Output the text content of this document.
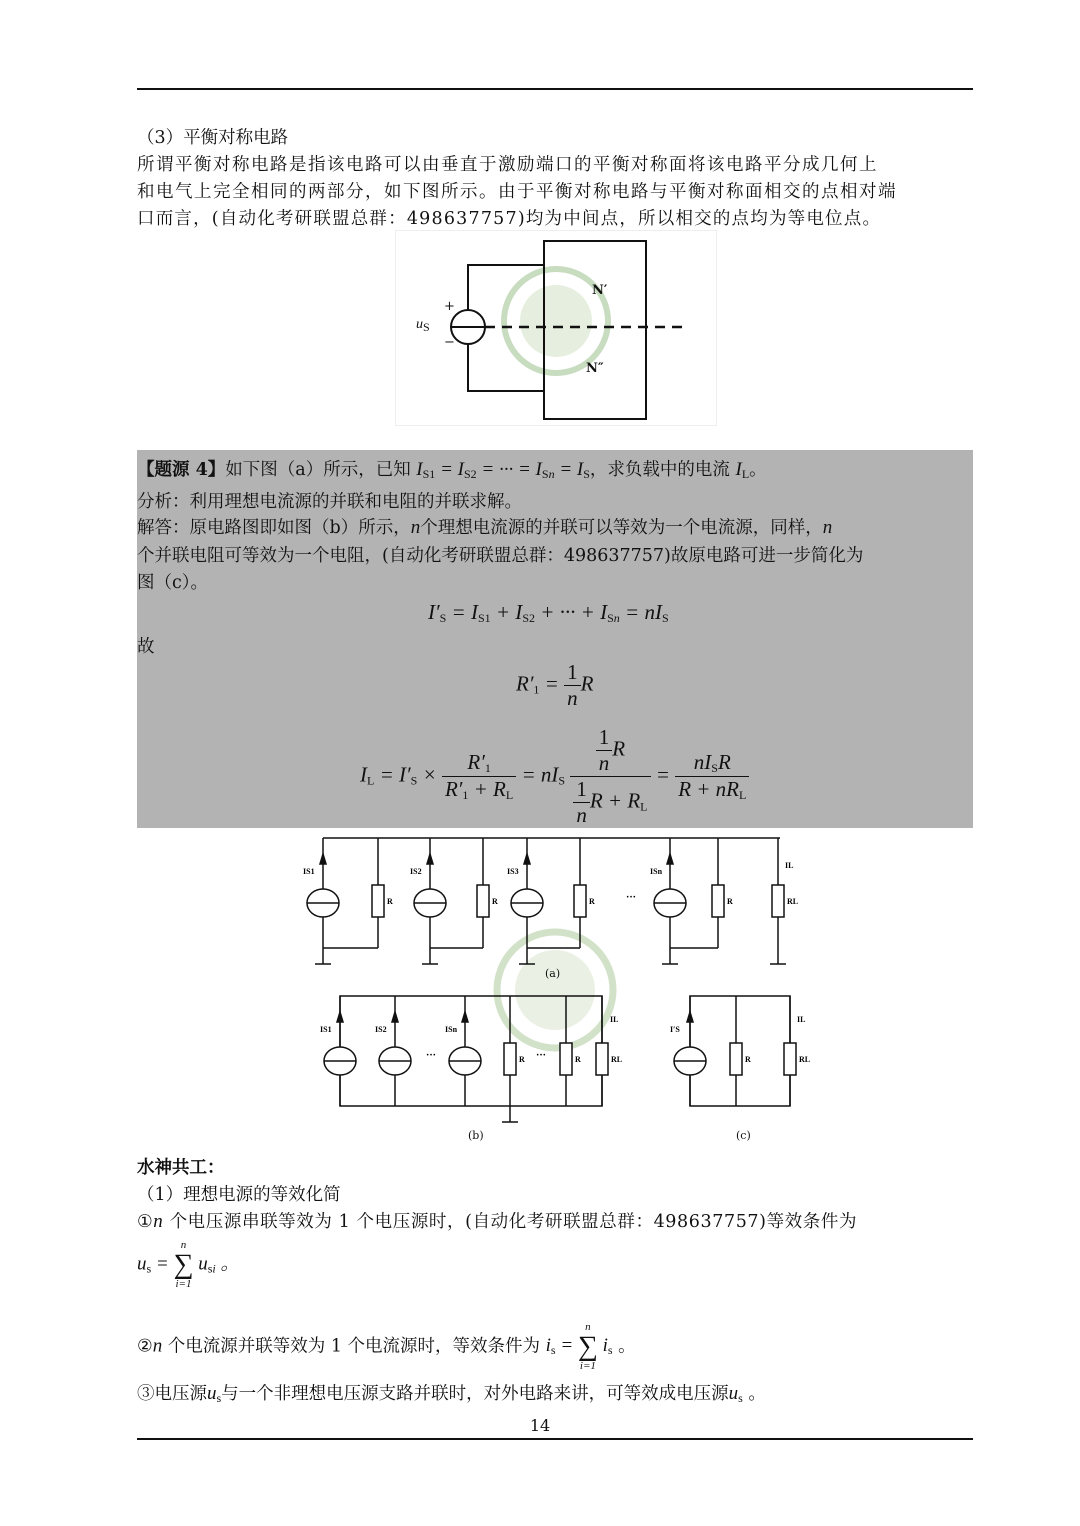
（3）平衡对称电路
所谓平衡对称电路是指该电路可以由垂直于激励端口的平衡对称面将该电路平分成几何上
和电气上完全相同的两部分，如下图所示。由于平衡对称电路与平衡对称面相交的点相对端
口而言，(自动化考研联盟总群：498637757)均为中间点，所以相交的点均为等电位点。
+
−
uS
N′
N″
【题源 4】如下图（a）所示，已知 $I_{S1} = I_{S2}$ = ··· = $I_{Sn} = I_S$，求负载中的电流 $I_L$。
分析：利用理想电流源的并联和电阻的并联求解。
解答：原电路图即如图（b）所示，n个理想电流源的并联可以等效为一个电流源，同样，n
个并联电阻可等效为一个电阻，(自动化考研联盟总群：498637757)故原电路可进一步简化为
图（c）。
$I'_S = I_{S1} + I_{S2}$ + ··· + $I_{Sn} = nI_S$
故
$R'_1 = \frac{1}{n}$ R
$I_L = I'_S \times \frac{R'_1}{R'_1 + R_L} = nI_S \frac{\frac{1}{n} R}{\frac{1}{n} R + R_L} = \frac{nI_SR}{R + nR_L}$
IS1
R
IS2
R
IS3
R
ISn
R	RL
IL
···
IS1	IS2	ISn
R	R	RL
···	···
IL
I′S
R	RL
IL
(a)
(b)	(c)
水神共工：
（1）理想电源的等效化简
①n 个电压源串联等效为 1 个电压源时，(自动化考研联盟总群：498637757)等效条件为
$u_s$ =
n
∑
i=1
$u_{si}$ 。
②n 个电流源并联等效为 1 个电流源时，等效条件为 $i_s$ =
n
∑
i=1
$i_s$ 。
③电压源$u_s$与一个非理想电压源支路并联时，对外电路来讲，可等效成电压源$u_s$ 。
14
